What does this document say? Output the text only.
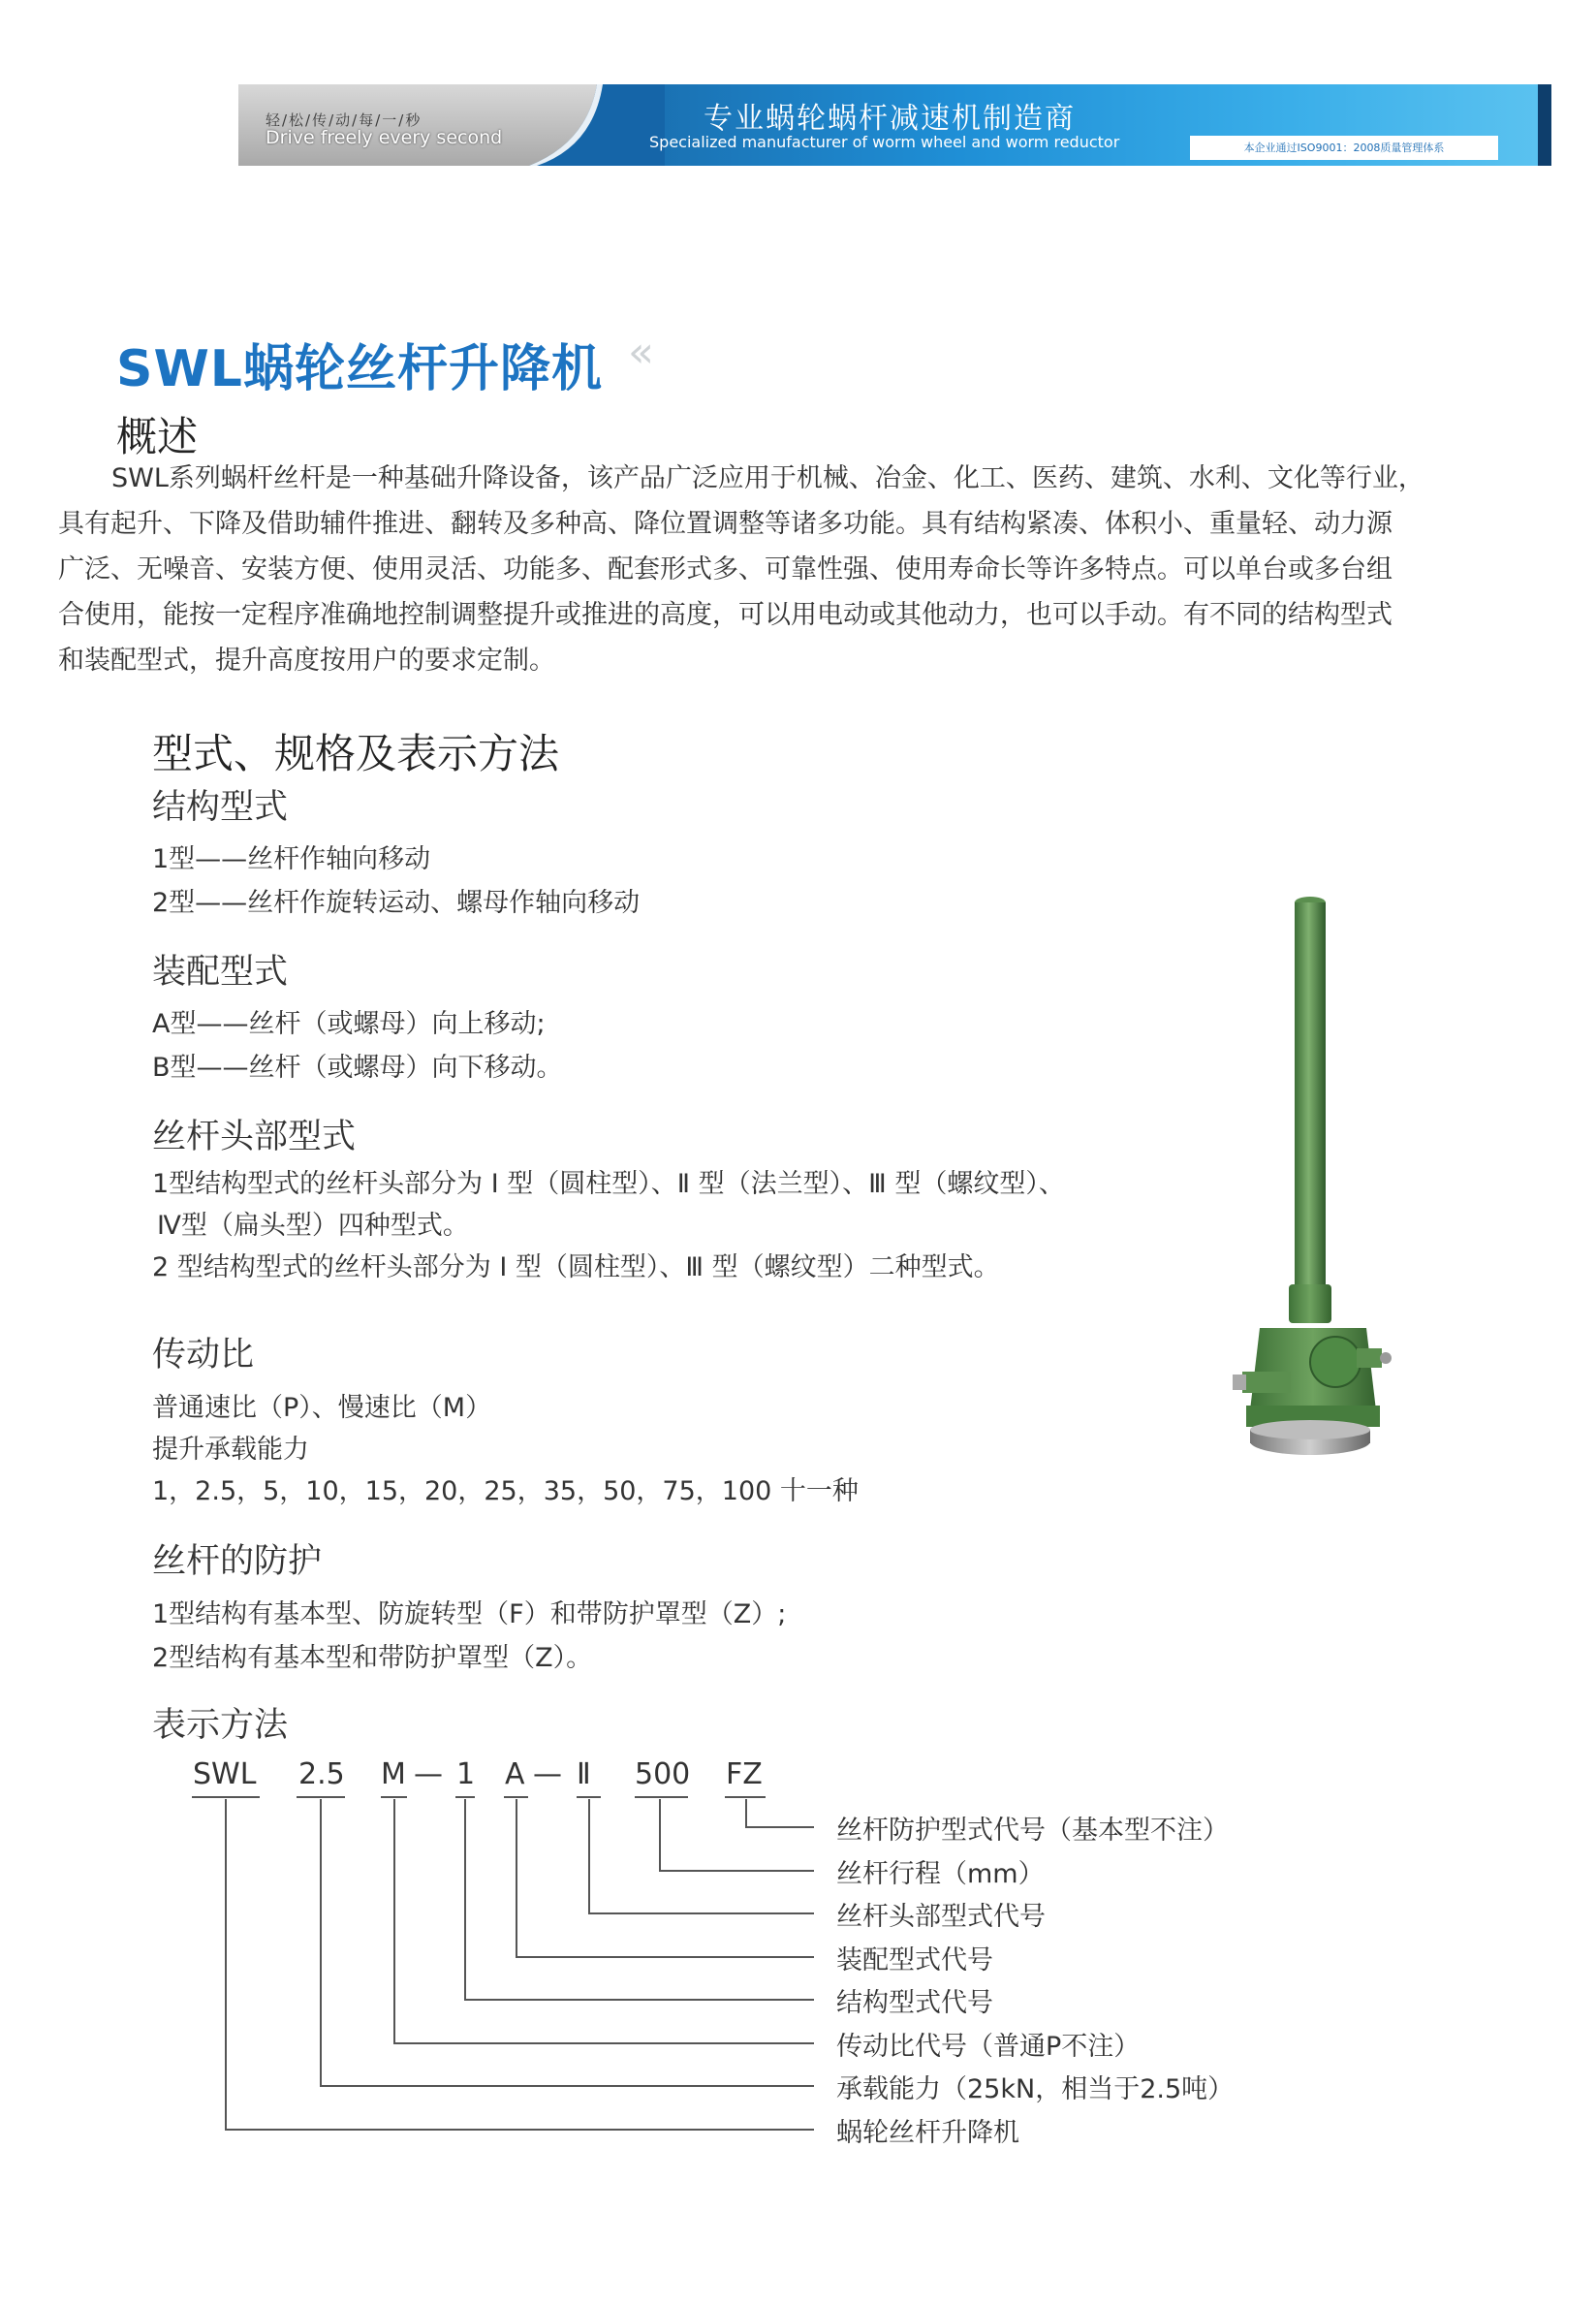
轻/松/传/动/每/一/秒
Drive freely every second
专业蜗轮蜗杆减速机制造商
Specialized manufacturer of worm wheel and worm reductor	本企业通过ISO9001：2008质量管理体系
SWL蜗轮丝杆升降机 «
概述
SWL系列蜗杆丝杆是一种基础升降设备，该产品广泛应用于机械、冶金、化工、医药、建筑、水利、文化等行业，
具有起升、下降及借助辅件推进、翻转及多种高、降位置调整等诸多功能。具有结构紧凑、体积小、重量轻、动力源
广泛、无噪音、安装方便、使用灵活、功能多、配套形式多、可靠性强、使用寿命长等许多特点。可以单台或多台组
合使用，能按一定程序准确地控制调整提升或推进的高度，可以用电动或其他动力，也可以手动。有不同的结构型式
和装配型式，提升高度按用户的要求定制。
型式、规格及表示方法
结构型式
1型——丝杆作轴向移动
2型——丝杆作旋转运动、螺母作轴向移动
装配型式
A型——丝杆（或螺母）向上移动;
B型——丝杆（或螺母）向下移动。
丝杆头部型式
1型结构型式的丝杆头部分为 Ⅰ 型（圆柱型）、Ⅱ 型（法兰型）、Ⅲ 型（螺纹型）、
Ⅳ型（扁头型）四种型式。
2 型结构型式的丝杆头部分为 Ⅰ 型（圆柱型）、Ⅲ 型（螺纹型）二种型式。
传动比
普通速比（P）、慢速比（M）
提升承载能力
1，2.5，5，10，15，20，25，35，50，75，100 十一种
丝杆的防护
1型结构有基本型、防旋转型（F）和带防护罩型（Z）;
2型结构有基本型和带防护罩型（Z）。
表示方法
SWL 2.5 M — 1 A — Ⅱ 500 FZ
丝杆防护型式代号（基本型不注）
丝杆行程（mm）
丝杆头部型式代号
装配型式代号
结构型式代号
传动比代号（普通P不注）
承载能力（25kN，相当于2.5吨）
蜗轮丝杆升降机
